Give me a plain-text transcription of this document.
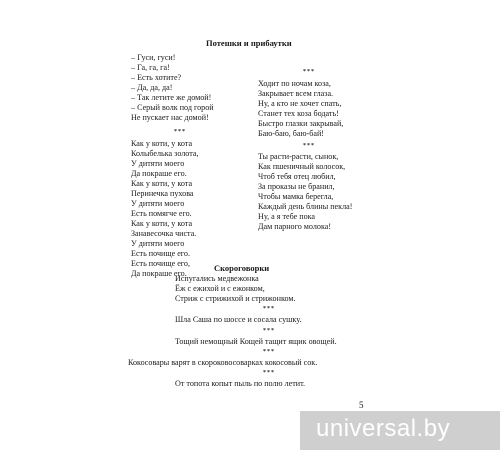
Потешки и прибаутки
– Гуси, гуси!
– Га, га, га!
– Есть хотите?
– Да, да, да!
– Так летите же домой!
– Серый волк под горой
Не пускает нас домой!
***
Как у коти, у кота
Колыбелька золота,
У дитяти моего
Да покраше его.
Как у коти, у кота
Перинечка пухова
У дитяти моего
Есть помягче его.
Как у коти, у кота
Занавесочка чиста.
У дитяти моего
Есть почище его.
Есть почище его,
Да покраше его.
***
Ходит по ночам коза,
Закрывает всем глаза.
Ну, а кто не хочет спать,
Станет тех коза бодать!
Быстро глазки закрывай,
Баю-баю, баю-бай!
***
Ты расти-расти, сынок,
Как пшеничный колосок,
Чтоб тебя отец любил,
За проказы не бранил,
Чтобы мамка берегла,
Каждый день блины пекла!
Ну, а я тебе пока
Дам парного молока!
Скороговорки
Испугались медвежонка
Ёж с ежихой и с ежонком,
Стриж с стрижихой и стрижонком.
***
Шла Саша по шоссе и сосала сушку.
***
Тощий немощный Кощей тащит ящик овощей.
***
Кокосовары варят в скороковосоварках кокосовый сок.
***
От топота копыт пыль по полю летит.
5
universal.by
